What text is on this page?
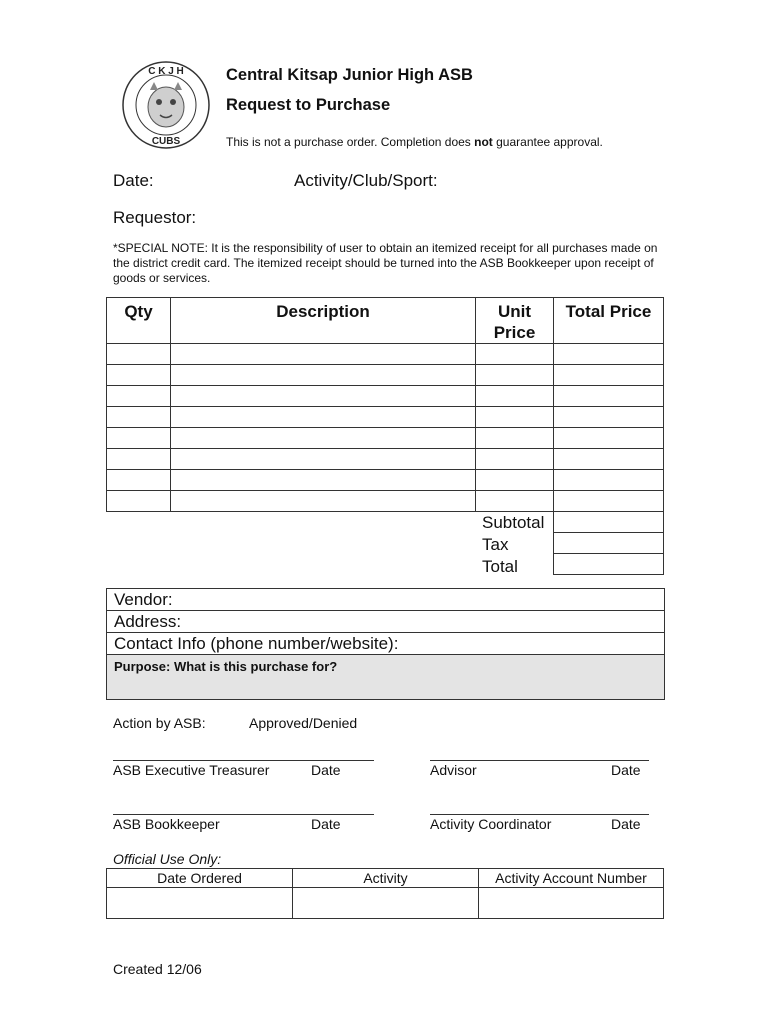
C K J H
CUBS
Central Kitsap Junior High ASB
Request to Purchase
This is not a purchase order. Completion does not guarantee approval.
Date:	Activity/Club/Sport:
Requestor:
*SPECIAL NOTE: It is the responsibility of user to obtain an itemized receipt for all purchases made on the district credit card. The itemized receipt should be turned into the ASB Bookkeeper upon receipt of goods or services.
Qty	Description	Unit Price	Total Price

Subtotal
Tax
Total

Vendor:
Address:
Contact Info (phone number/website):
Purpose: What is this purchase for?
Action by ASB:	Approved/Denied
ASB Executive Treasurer	Date	Advisor	Date
ASB Bookkeeper	Date	Activity Coordinator	Date
Official Use Only:
Date Ordered	Activity	Activity Account Number

Created 12/06
